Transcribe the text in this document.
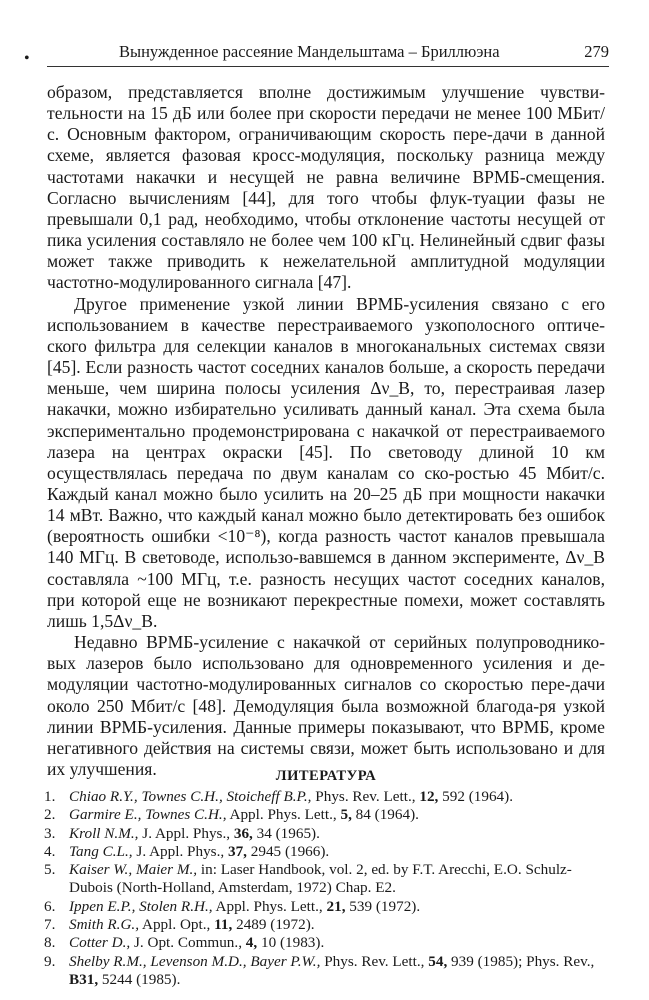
•	Вынужденное рассеяние Мандельштама – Бриллюэна	279

образом, представляется вполне достижимым улучшение чувстви-тельности на 15 дБ или более при скорости передачи не менее 100 МБит/с. Основным фактором, ограничивающим скорость пере-дачи в данной схеме, является фазовая кросс-модуляция, поскольку разница между частотами накачки и несущей не равна величине ВРМБ-смещения. Согласно вычислениям [44], для того чтобы флук-туации фазы не превышали 0,1 рад, необходимо, чтобы отклонение частоты несущей от пика усиления составляло не более чем 100 кГц. Нелинейный сдвиг фазы может также приводить к нежелательной амплитудной модуляции частотно-модулированного сигнала [47].

Другое применение узкой линии ВРМБ-усиления связано с его использованием в качестве перестраиваемого узкополосного оптиче-ского фильтра для селекции каналов в многоканальных системах связи [45]. Если разность частот соседних каналов больше, а скорость передачи меньше, чем ширина полосы усиления Δν_B, то, перестраивая лазер накачки, можно избирательно усиливать данный канал. Эта схема была экспериментально продемонстрирована с накачкой от перестраиваемого лазера на центрах окраски [45]. По световоду длиной 10 км осуществлялась передача по двум каналам со ско-ростью 45 Мбит/с. Каждый канал можно было усилить на 20–25 дБ при мощности накачки 14 мВт. Важно, что каждый канал можно было детектировать без ошибок (вероятность ошибки <10⁻⁸), когда разность частот каналов превышала 140 МГц. В световоде, использо-вавшемся в данном эксперименте, Δν_B составляла ~100 МГц, т.е. разность несущих частот соседних каналов, при которой еще не возникают перекрестные помехи, может составлять лишь 1,5Δν_B.

Недавно ВРМБ-усиление с накачкой от серийных полупроводнико-вых лазеров было использовано для одновременного усиления и де-модуляции частотно-модулированных сигналов со скоростью пере-дачи около 250 Мбит/с [48]. Демодуляция была возможной благода-ря узкой линии ВРМБ-усиления. Данные примеры показывают, что ВРМБ, кроме негативного действия на системы связи, может быть использовано и для их улучшения.	ЛИТЕРАТУРА
1. Chiao R.Y., Townes C.H., Stoicheff B.P., Phys. Rev. Lett., 12, 592 (1964).
2. Garmire E., Townes C.H., Appl. Phys. Lett., 5, 84 (1964).
3. Kroll N.M., J. Appl. Phys., 36, 34 (1965).
4. Tang C.L., J. Appl. Phys., 37, 2945 (1966).
5. Kaiser W., Maier M., in: Laser Handbook, vol. 2, ed. by F.T. Arecchi, E.O. Schulz-Dubois (North-Holland, Amsterdam, 1972) Chap. E2.
6. Ippen E.P., Stolen R.H., Appl. Phys. Lett., 21, 539 (1972).
7. Smith R.G., Appl. Opt., 11, 2489 (1972).
8. Cotter D., J. Opt. Commun., 4, 10 (1983).
9. Shelby R.M., Levenson M.D., Bayer P.W., Phys. Rev. Lett., 54, 939 (1985); Phys. Rev., B31, 5244 (1985).
